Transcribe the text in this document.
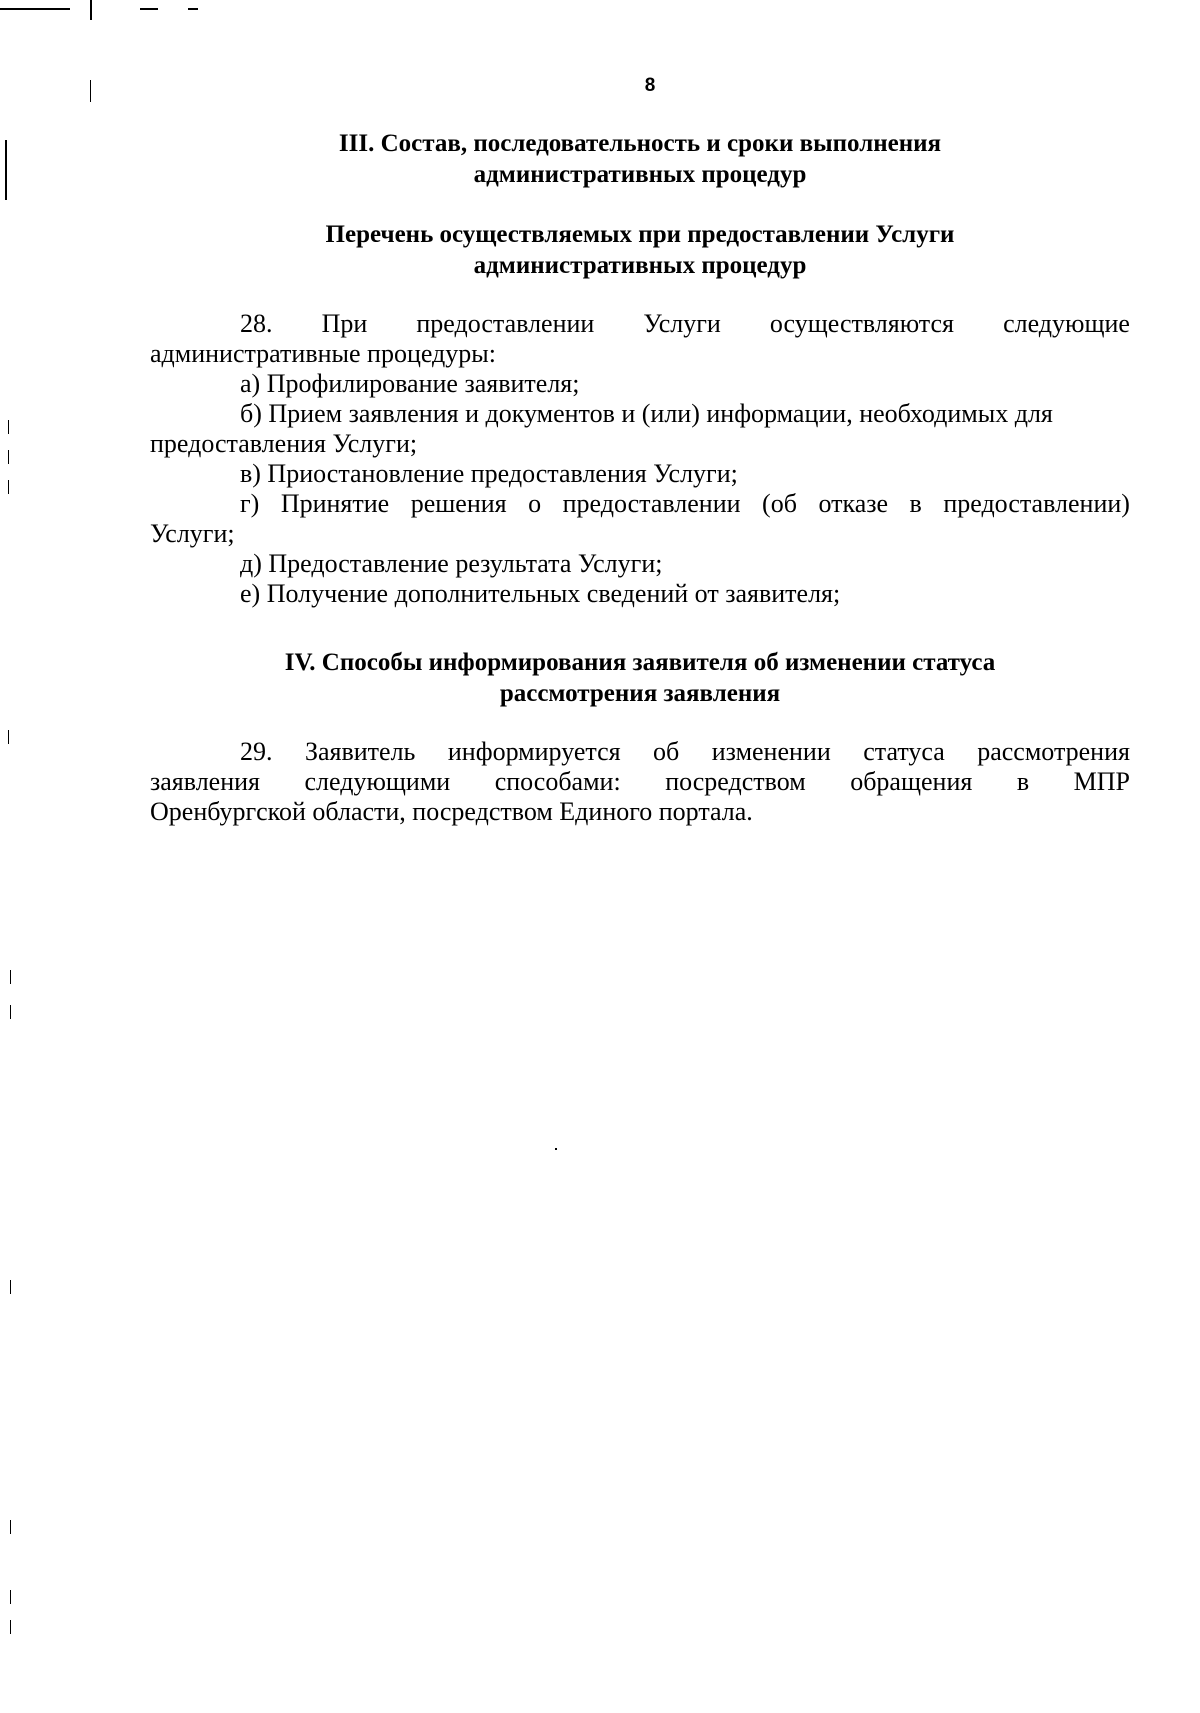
8
III. Состав, последовательность и сроки выполнения
административных процедур
Перечень осуществляемых при предоставлении Услуги
административных процедур
28. При предоставлении Услуги осуществляются следующие
административные процедуры:
а) Профилирование заявителя;
б) Прием заявления и документов и (или) информации, необходимых для
предоставления Услуги;
в) Приостановление предоставления Услуги;
г) Принятие решения о предоставлении (об отказе в предоставлении)
Услуги;
д) Предоставление результата Услуги;
е) Получение дополнительных сведений от заявителя;
IV. Способы информирования заявителя об изменении статуса
рассмотрения заявления
29. Заявитель информируется об изменении статуса рассмотрения
заявления следующими способами: посредством обращения в МПР
Оренбургской области, посредством Единого портала.
